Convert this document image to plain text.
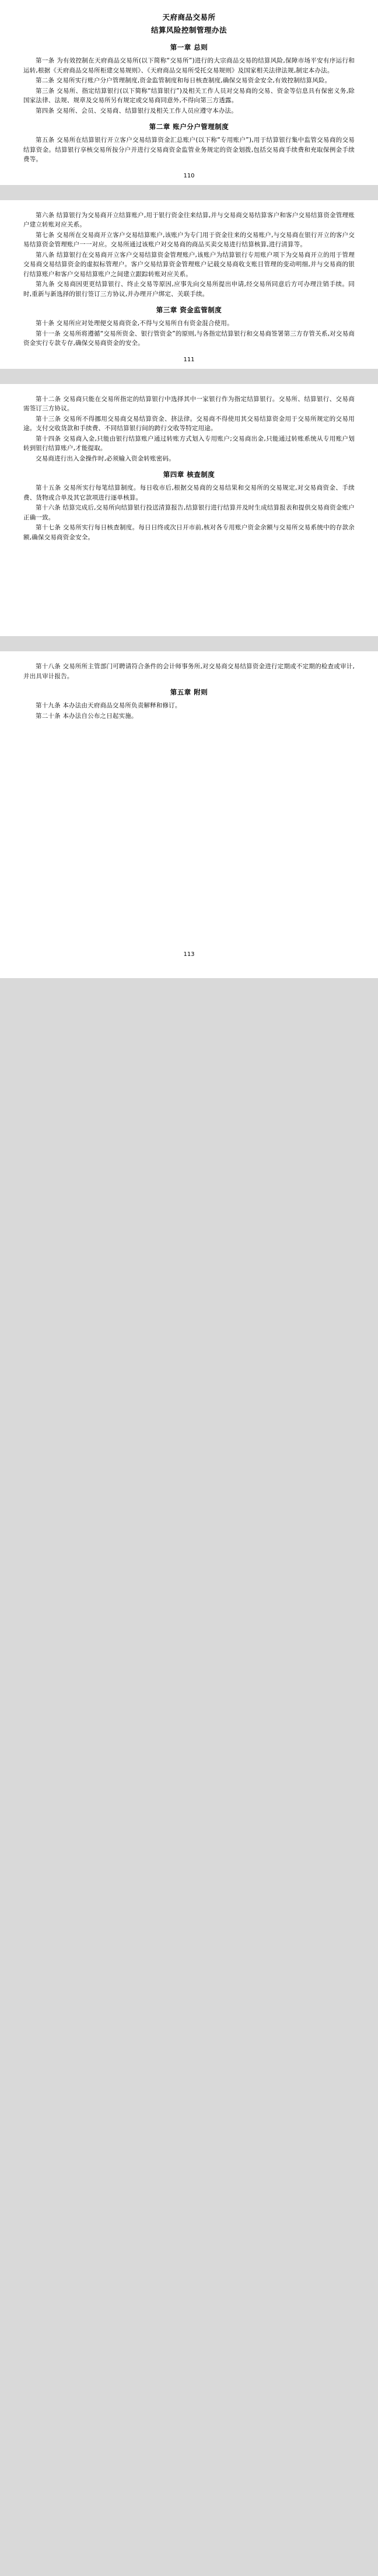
天府商品交易所
结算风险控制管理办法
第一章 总则

第一条 为有效控制在天府商品交易所(以下简称“交易所”)进行的大宗商品交易的结算风险,保障市场平安有序运行和运转,根据《天府商品交易所柜建交易规则》、《天府商品交易所受托交易规则》及国家相关法律法规,制定本办法。

第二条 交易所实行账户分户管理制度,资金监管制度和每日核查制度,确保交易资金安全,有效控制结算风险。

第三条 交易所、指定结算银行(以下简称“结算银行”)及相关工作人员对交易商的交易、资金等信息具有保密义务,除国家法律、法规、规章及交易所另有规定或交易商同意外,不得向第三方透露。

第四条 交易所、会员、交易商、结算银行及相关工作人员应遵守本办法。

第二章 账户分户管理制度

第五条 交易所在结算银行开立客户交易结算资金汇总账户(以下称“专用账户”),用于结算银行集中监管交易商的交易结算资金。结算银行享核交易所按分户并进行交易商资金监管业务规定的资金划拨,包括交易商手续费和充取保例金手续费等。

110

第六条 结算银行为交易商开立结算账户,用于银行资金往来结算,并与交易商交易结算客户和客户交易结算资金管理账户建立转账对应关系。

第七条 交易所在交易商开立客户交易结算账户,该账户为专门用于资金往来的交易账户,与交易商在银行开立的客户交易结算资金管理账户一一对应。交易所通过该账户对交易商的商品买卖交易进行结算核算,进行清算等。

第八条 结算银行在交易商开立客户交易结算资金管理账户,该账户为结算银行专用账户项下为交易商开立的用于管理交易商交易结算资金的虚拟标管理户。客户交易结算资金管理账户记载交易商收支账目管理的变动明细,并与交易商的银行结算账户和客户交易结算账户之间建立跟踪转账对应关系。

第九条 交易商因更更结算银行、终止交易等原因,应事先向交易所提出申请,经交易所同意后方可办理注销手续。同时,重新与新选择的银行签订三方协议,并办理开户绑定、关联手续。

第三章 资金监管制度

第十条 交易所应对处理便交易商资金,不得与交易所自有资金混合使用。

第十一条 交易所将遵循“交易所资金、银行管资金”的原则,与各指定结算银行和交易商签署第三方存管关系,对交易商资金实行专款专存,确保交易商资金的安全。

111

第十二条 交易商只能在交易所指定的结算银行中选择其中一家银行作为指定结算银行。交易所、结算银行、交易商需签订三方协议。

第十三条 交易所不得挪用交易商交易结算资金、挤法律。交易商不得使用其交易结算资金用于交易所规定的交易用途。支付交收货款和手续费、不同结算银行间的跨行交收等特定用途。

第十四条 交易商入金,只能由银行结算账户通过转账方式划入专用账户;交易商出金,只能通过转账系统从专用账户划转到银行结算账户,才能提取。

交易商进行出入金操作时,必须输入资金转账密码。

第四章 核查制度

第十五条 交易所实行每笔结算制度。每日收市后,根据交易商的交易结果和交易所的交易规定,对交易商资金、手续费、货物或合单及其它款项进行逐单核算。

第十六条 结算完成后,交易所向结算银行投送清算报告,结算银行进行结算并及时生成结算报表和提供交易商资金账户正确一致。

第十七条 交易所实行每日核查制度。每日日终或次日开市前,核对各专用账户资金余额与交易所交易系统中的存款余额,确保交易商资金安全。

第十八条 交易所所主管部门可聘请符合条件的会计师事务所,对交易商交易结算资金进行定期或不定期的检查或审计,并出具审计报告。

第五章 附则

第十九条 本办法由天府商品交易所负责解释和修订。

第二十条 本办法自公布之日起实施。

113
